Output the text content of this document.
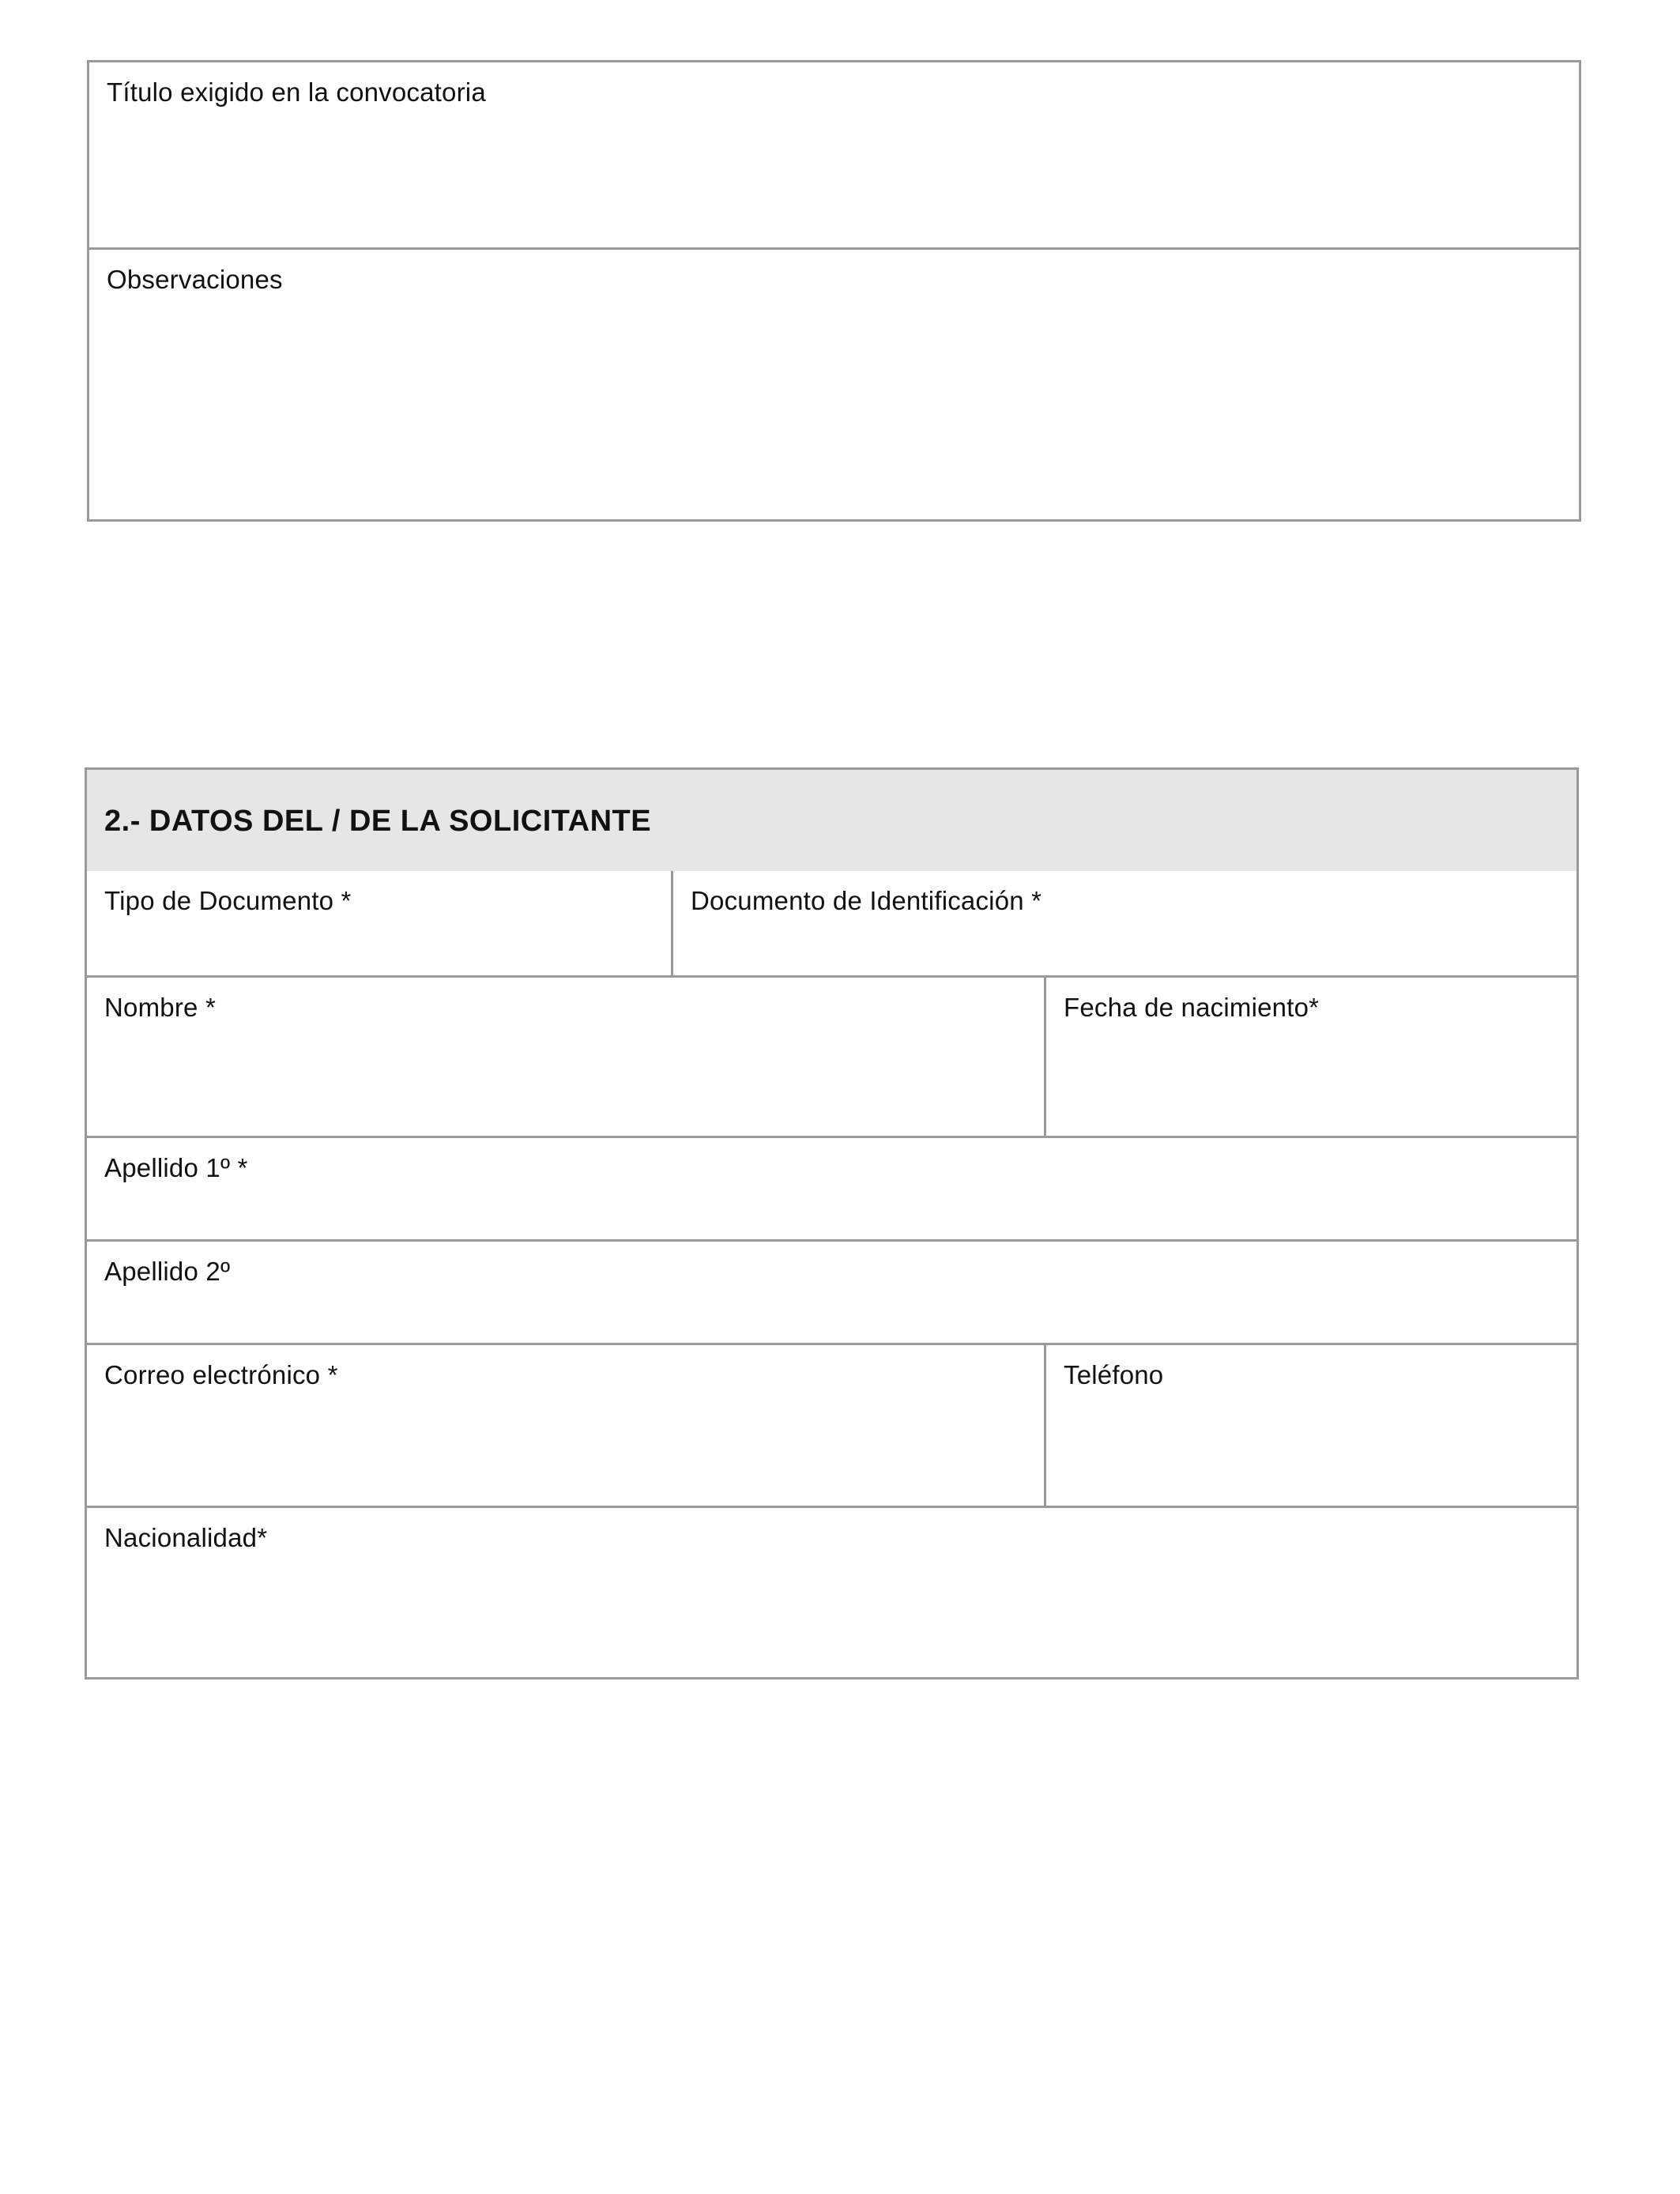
Título exigido en la convocatoria
Observaciones
2.- DATOS DEL / DE LA SOLICITANTE
Tipo de Documento *	Documento de Identificación *
Nombre *	Fecha de nacimiento*
Apellido 1º *
Apellido 2º
Correo electrónico *	Teléfono
Nacionalidad*
